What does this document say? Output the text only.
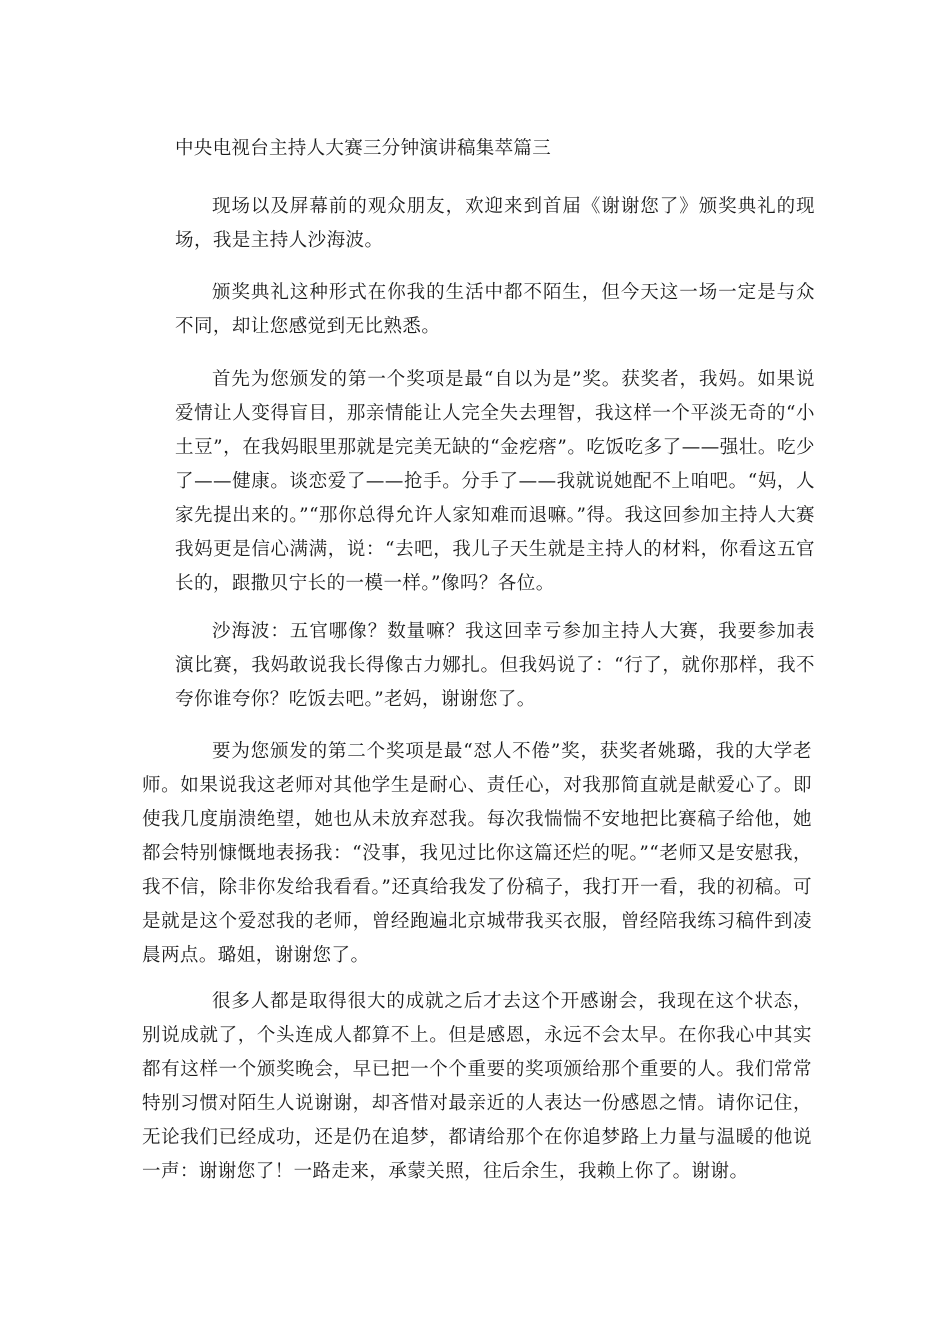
中央电视台主持人大赛三分钟演讲稿集萃篇三

现场以及屏幕前的观众朋友，欢迎来到首届《谢谢您了》颁奖典礼的现场，我是主持人沙海波。

颁奖典礼这种形式在你我的生活中都不陌生，但今天这一场一定是与众不同，却让您感觉到无比熟悉。

首先为您颁发的第一个奖项是最“自以为是”奖。获奖者，我妈。如果说爱情让人变得盲目，那亲情能让人完全失去理智，我这样一个平淡无奇的“小土豆”，在我妈眼里那就是完美无缺的“金疙瘩”。吃饭吃多了——强壮。吃少了——健康。谈恋爱了——抢手。分手了——我就说她配不上咱吧。“妈，人家先提出来的。”“那你总得允许人家知难而退嘛。”得。我这回参加主持人大赛我妈更是信心满满，说：“去吧，我儿子天生就是主持人的材料，你看这五官长的，跟撒贝宁长的一模一样。”像吗？各位。

沙海波：五官哪像？数量嘛？我这回幸亏参加主持人大赛，我要参加表演比赛，我妈敢说我长得像古力娜扎。但我妈说了：“行了，就你那样，我不夸你谁夸你？吃饭去吧。”老妈，谢谢您了。

要为您颁发的第二个奖项是最“怼人不倦”奖，获奖者姚璐，我的大学老师。如果说我这老师对其他学生是耐心、责任心，对我那简直就是献爱心了。即使我几度崩溃绝望，她也从未放弃怼我。每次我惴惴不安地把比赛稿子给他，她都会特别慷慨地表扬我：“没事，我见过比你这篇还烂的呢。”“老师又是安慰我，我不信，除非你发给我看看。”还真给我发了份稿子，我打开一看，我的初稿。可是就是这个爱怼我的老师，曾经跑遍北京城带我买衣服，曾经陪我练习稿件到凌晨两点。璐姐，谢谢您了。

很多人都是取得很大的成就之后才去这个开感谢会，我现在这个状态，别说成就了，个头连成人都算不上。但是感恩，永远不会太早。在你我心中其实都有这样一个颁奖晚会，早已把一个个重要的奖项颁给那个重要的人。我们常常特别习惯对陌生人说谢谢，却吝惜对最亲近的人表达一份感恩之情。请你记住，无论我们已经成功，还是仍在追梦，都请给那个在你追梦路上力量与温暖的他说一声：谢谢您了！一路走来，承蒙关照，往后余生，我赖上你了。谢谢。
